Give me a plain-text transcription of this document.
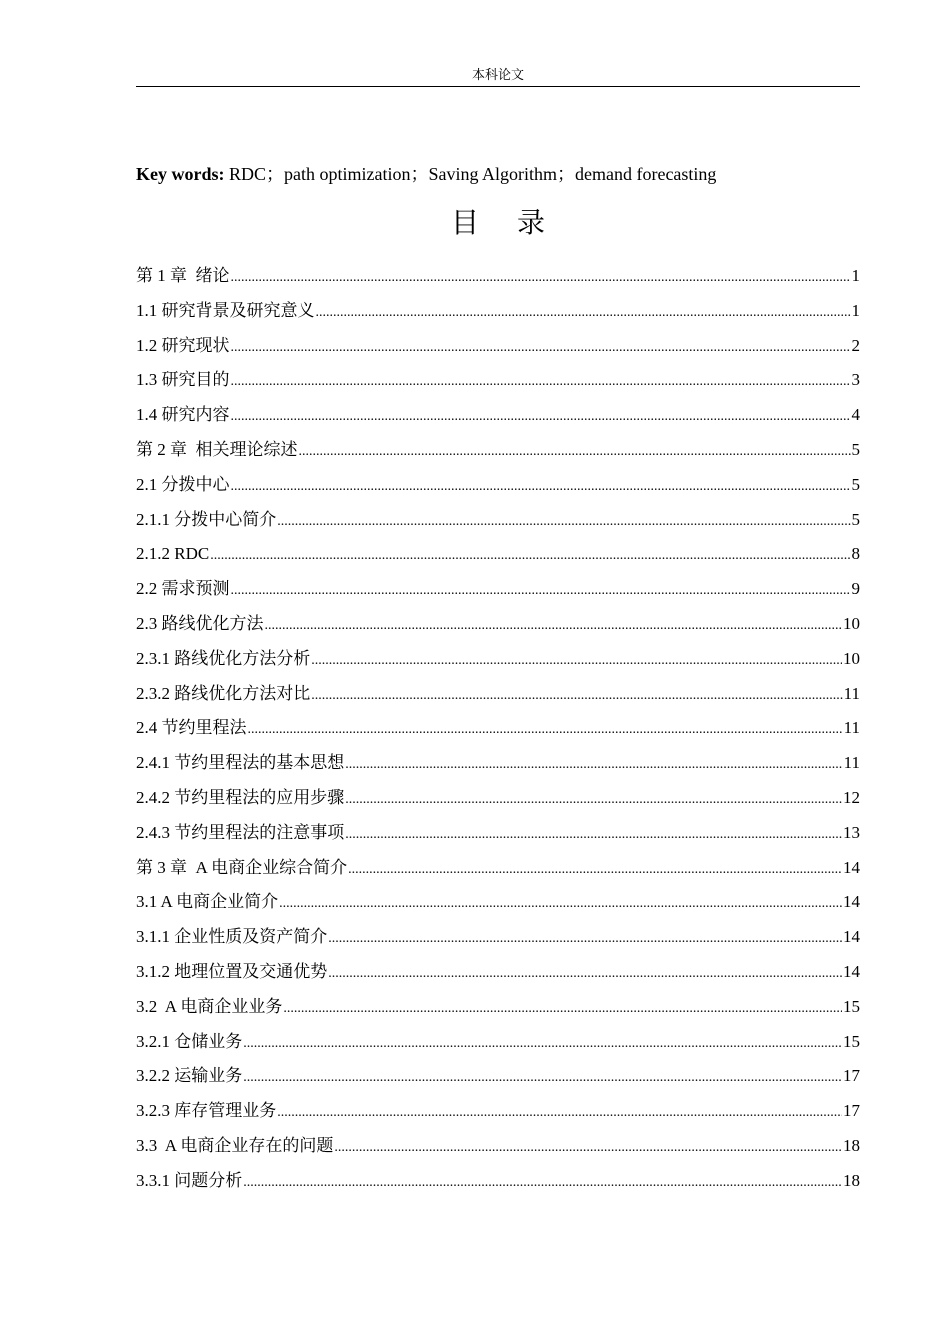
本科论文
Key words: RDC；path optimization；Saving Algorithm；demand forecasting
目录
第 1 章  绪论 .....	1
1.1 研究背景及研究意义 .....	1
1.2 研究现状 .....	2
1.3 研究目的 .....	3
1.4 研究内容 .....	4
第 2 章  相关理论综述 .....	5
2.1 分拨中心 .....	5
2.1.1 分拨中心简介 .....	5
2.1.2 RDC .....	8
2.2 需求预测 .....	9
2.3 路线优化方法 .....	10
2.3.1 路线优化方法分析 .....	10
2.3.2 路线优化方法对比 .....	11
2.4 节约里程法 .....	11
2.4.1 节约里程法的基本思想 .....	11
2.4.2 节约里程法的应用步骤 .....	12
2.4.3 节约里程法的注意事项 .....	13
第 3 章  A 电商企业综合简介 .....	14
3.1 A 电商企业简介 .....	14
3.1.1 企业性质及资产简介 .....	14
3.1.2 地理位置及交通优势 .....	14
3.2  A 电商企业业务 .....	15
3.2.1 仓储业务 .....	15
3.2.2 运输业务 .....	17
3.2.3 库存管理业务 .....	17
3.3  A 电商企业存在的问题 .....	18
3.3.1 问题分析 .....	18
